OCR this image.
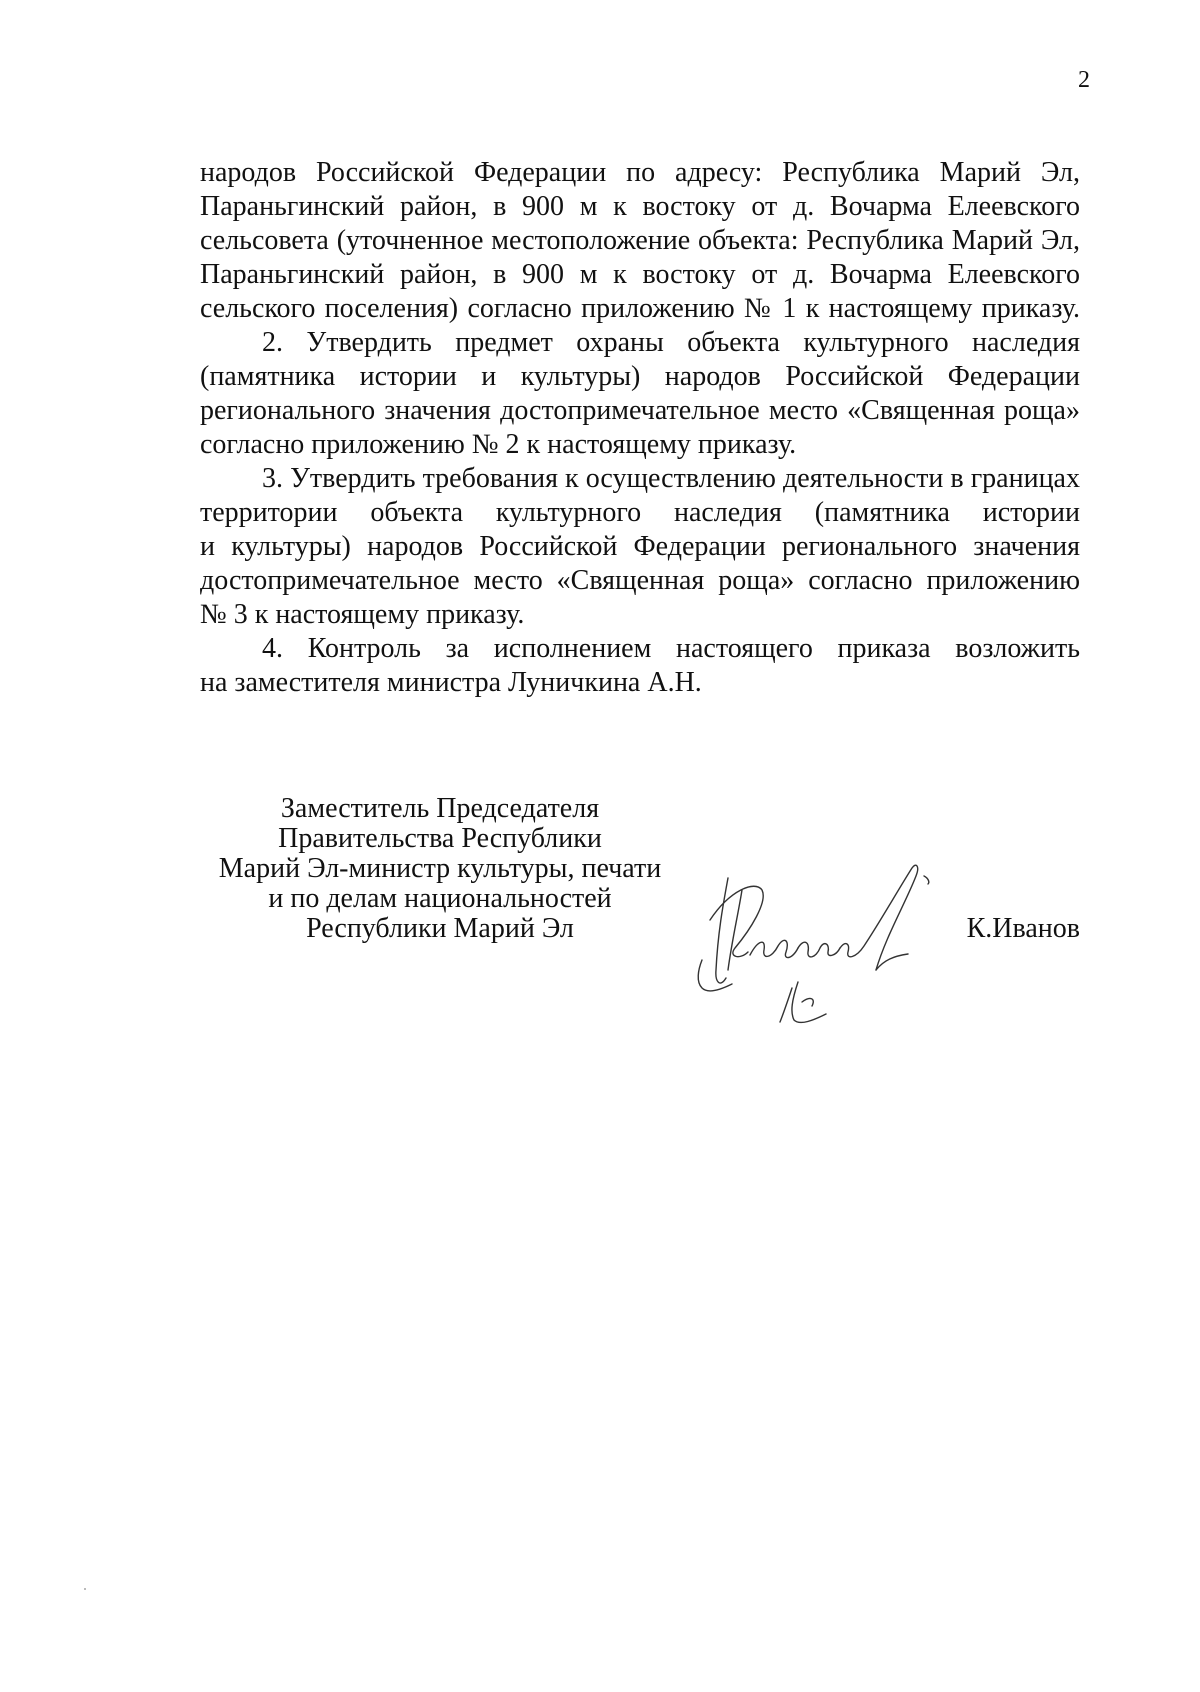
2
народов Российской Федерации по адресу: Республика Марий Эл,
Параньгинский район, в 900 м к востоку от д. Вочарма Елеевского
сельсовета (уточненное местоположение объекта: Республика Марий Эл,
Параньгинский район, в 900 м к востоку от д. Вочарма Елеевского
сельского поселения) согласно приложению № 1 к настоящему приказу.
2. Утвердить предмет охраны объекта культурного наследия
(памятника истории и культуры) народов Российской Федерации
регионального значения достопримечательное место «Священная роща»
согласно приложению № 2 к настоящему приказу.
3. Утвердить требования к осуществлению деятельности в границах
территории объекта культурного наследия (памятника истории
и культуры) народов Российской Федерации регионального значения
достопримечательное место «Священная роща» согласно приложению
№ 3 к настоящему приказу.
4. Контроль за исполнением настоящего приказа возложить
на заместителя министра Луничкина А.Н.
Заместитель Председателя
Правительства Республики
Марий Эл-министр культуры, печати
и по делам национальностей
Республики Марий Эл	К.Иванов
